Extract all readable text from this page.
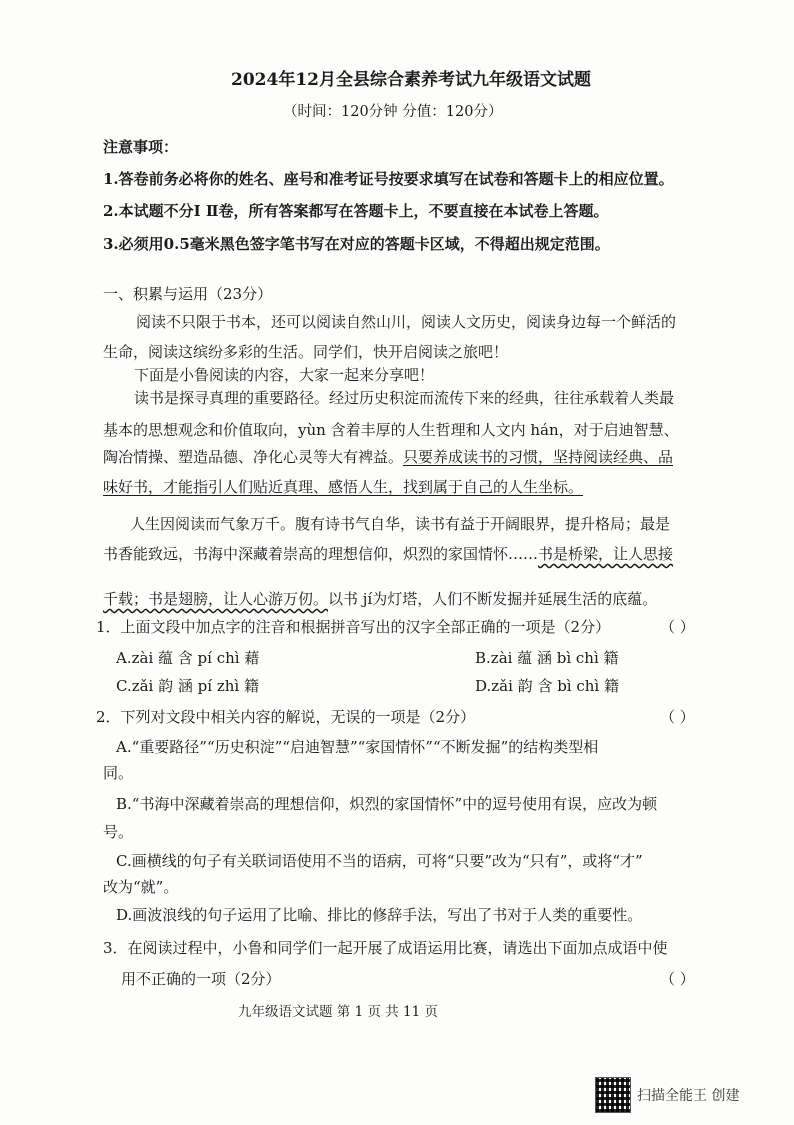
2024年12月全县综合素养考试九年级语文试题
（时间：120分钟 分值：120分）
注意事项：
1.答卷前务必将你的姓名、座号和准考证号按要求填写在试卷和答题卡上的相应位置。
2.本试题不分Ⅰ Ⅱ卷，所有答案都写在答题卡上，不要直接在本试卷上答题。
3.必须用0.5毫米黑色签字笔书写在对应的答题卡区域，不得超出规定范围。
一、积累与运用（23分）
阅读不只限于书本，还可以阅读自然山川，阅读人文历史，阅读身边每一个鲜活的
生命，阅读这缤纷多彩的生活。同学们，快开启阅读之旅吧！
下面是小鲁阅读的内容，大家一起来分享吧！
读书是探寻真理的重要路径。经过历史积淀而流传下来的经典，往往承载着人类最
基本的思想观念和价值取向，yùn 含着丰厚的人生哲理和人文内 hán，对于启迪智慧、
陶冶情操、塑造品德、净化心灵等大有裨益。只要养成读书的习惯，坚持阅读经典、品
味好书，才能指引人们贴近真理、感悟人生，找到属于自己的人生坐标。
人生因阅读而气象万千。腹有诗书气自华，读书有益于开阔眼界，提升格局；最是
书香能致远，书海中深藏着崇高的理想信仰，炽烈的家国情怀……书是桥梁，让人思接
千载；书是翅膀，让人心游万仞。以书 jí为灯塔，人们不断发掘并延展生活的底蕴。
1．上面文段中加点字的注音和根据拼音写出的汉字全部正确的一项是（2分）	（ ）
A.zài 蕴 含 pí chì 藉	B.zài 蕴 涵 bì chì 籍
C.zǎi 韵 涵 pí zhì 籍	D.zǎi 韵 含 bì chì 籍
2．下列对文段中相关内容的解说，无误的一项是（2分）	（ ）
A.“重要路径”“历史积淀”“启迪智慧”“家国情怀”“不断发掘”的结构类型相
同。
B.“书海中深藏着崇高的理想信仰，炽烈的家国情怀”中的逗号使用有误，应改为顿
号。
C.画横线的句子有关联词语使用不当的语病，可将“只要”改为“只有”，或将“才”
改为“就”。
D.画波浪线的句子运用了比喻、排比的修辞手法，写出了书对于人类的重要性。
3．在阅读过程中，小鲁和同学们一起开展了成语运用比赛，请选出下面加点成语中使
用不正确的一项（2分）	（ ）
九年级语文试题 第 1 页 共 11 页
扫描全能王 创建
